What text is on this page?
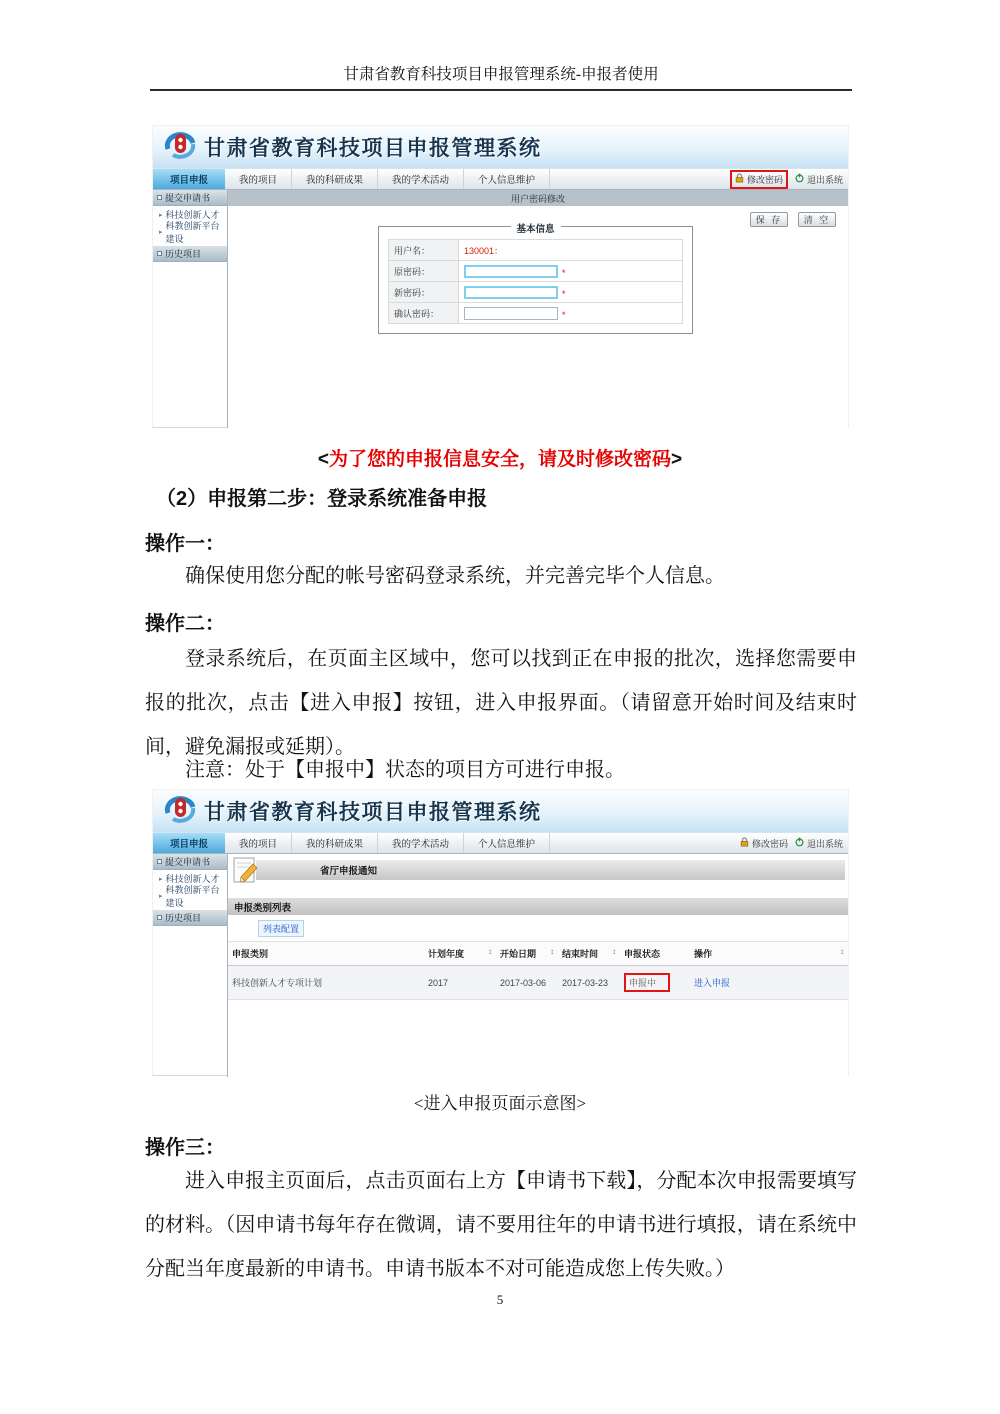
甘肃省教育科技项目申报管理系统-申报者使用
甘肃省教育科技项目申报管理系统
项目申报	我的项目	我的科研成果	我的学术活动	个人信息维护	修改密码	退出系统
提交申请书
▸ 科技创新人才
▸
科教创新平台建设
历史项目
用户密码修改
保 存	清 空
基本信息
用户名：	130001：
原密码：	*
新密码：	*
确认密码：	*
<为了您的申报信息安全，请及时修改密码>
（2）申报第二步：登录系统准备申报
操作一：
确保使用您分配的帐号密码登录系统，并完善完毕个人信息。
操作二：
登录系统后，在页面主区域中，您可以找到正在申报的批次，选择您需要申报的批次，点击【进入申报】按钮，进入申报界面。（请留意开始时间及结束时间，避免漏报或延期）。
注意：处于【申报中】状态的项目方可进行申报。
甘肃省教育科技项目申报管理系统
项目申报	我的项目	我的科研成果	我的学术活动	个人信息维护	修改密码 退出系统
提交申请书
▸ 科技创新人才
▸
科教创新平台建设
历史项目
省厅申报通知
申报类别列表
列表配置
申报类别	计划年度 ↕	开始日期 ↕	结束时间 ↕	申报状态	操作 ↕

科技创新人才专项计划	2017	2017-03-06	2017-03-23	申报中	进入申报
<进入申报页面示意图>
操作三：
进入申报主页面后，点击页面右上方【申请书下载】，分配本次申报需要填写的材料。（因申请书每年存在微调，请不要用往年的申请书进行填报，请在系统中分配当年度最新的申请书。申请书版本不对可能造成您上传失败。）
5
